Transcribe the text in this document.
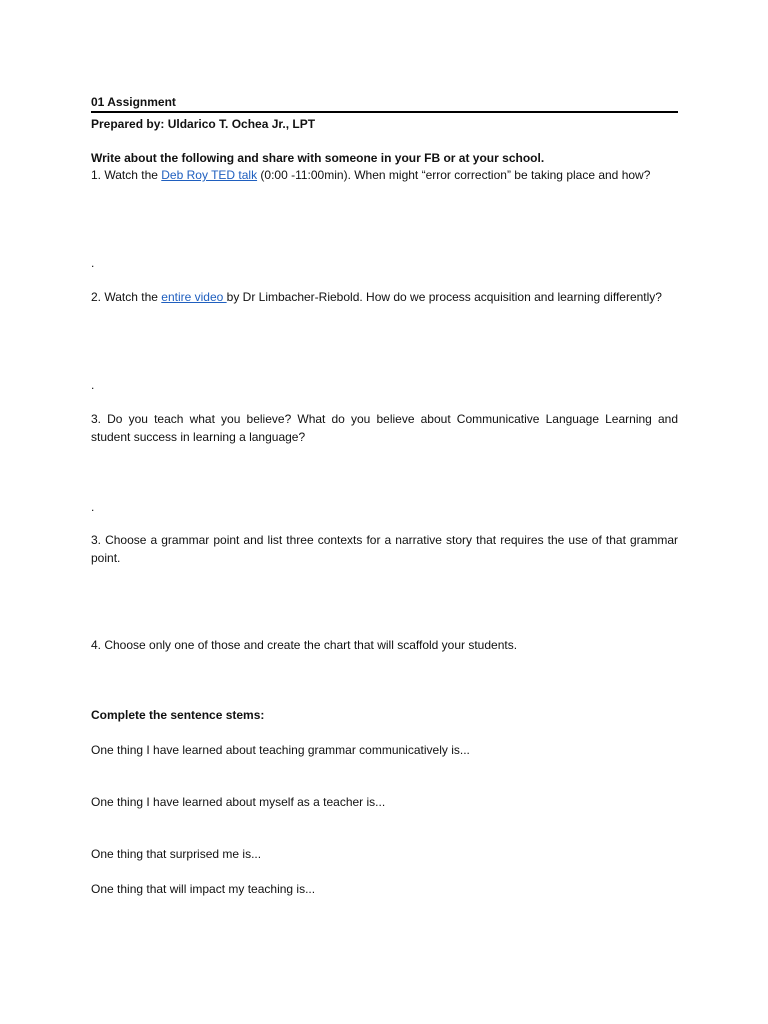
01 Assignment
Prepared by: Uldarico T. Ochea Jr., LPT
Write about the following and share with someone in your FB or at your school.
1. Watch the Deb Roy TED talk (0:00 -11:00min). When might “error correction” be taking place and how?
.
2. Watch the entire video by Dr Limbacher-Riebold. How do we process acquisition and learning differently?
.
3. Do you teach what you believe? What do you believe about Communicative Language Learning and student success in learning a language?
.
3. Choose a grammar point and list three contexts for a narrative story that requires the use of that grammar point.
4. Choose only one of those and create the chart that will scaffold your students.
Complete the sentence stems:
One thing I have learned about teaching grammar communicatively is...
One thing I have learned about myself as a teacher is...
One thing that surprised me is...
One thing that will impact my teaching is...
